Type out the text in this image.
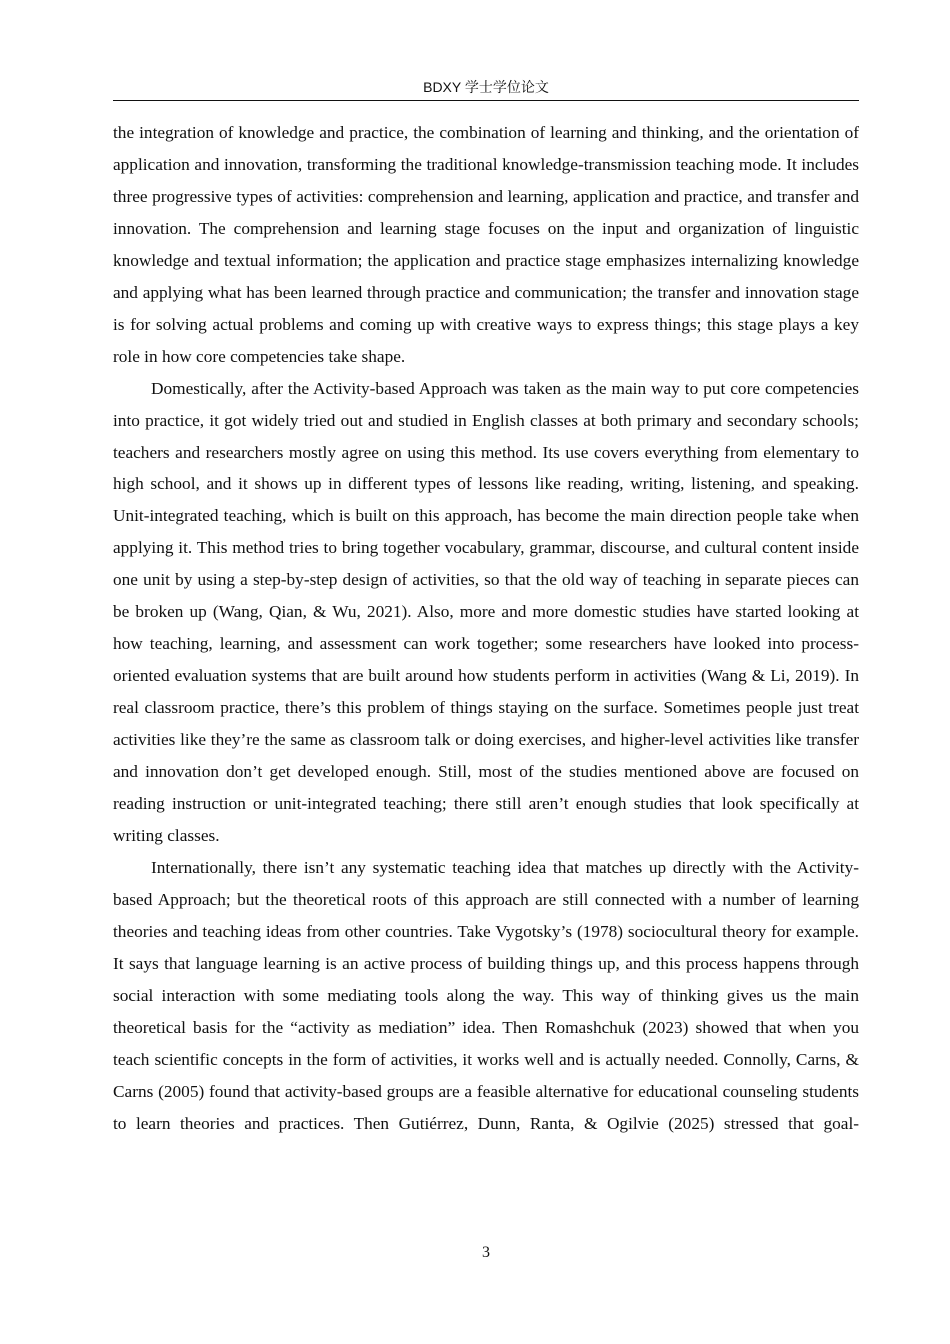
BDXY 学士学位论文

the integration of knowledge and practice, the combination of learning and thinking, and the orientation of application and innovation, transforming the traditional knowledge-transmission teaching mode. It includes three progressive types of activities: comprehension and learning, application and practice, and transfer and innovation. The comprehension and learning stage focuses on the input and organization of linguistic knowledge and textual information; the application and practice stage emphasizes internalizing knowledge and applying what has been learned through practice and communication; the transfer and innovation stage is for solving actual problems and coming up with creative ways to express things; this stage plays a key role in how core competencies take shape.

Domestically, after the Activity-based Approach was taken as the main way to put core competencies into practice, it got widely tried out and studied in English classes at both primary and secondary schools; teachers and researchers mostly agree on using this method. Its use covers everything from elementary to high school, and it shows up in different types of lessons like reading, writing, listening, and speaking. Unit-integrated teaching, which is built on this approach, has become the main direction people take when applying it. This method tries to bring together vocabulary, grammar, discourse, and cultural content inside one unit by using a step-by-step design of activities, so that the old way of teaching in separate pieces can be broken up (Wang, Qian, & Wu, 2021). Also, more and more domestic studies have started looking at how teaching, learning, and assessment can work together; some researchers have looked into process-oriented evaluation systems that are built around how students perform in activities (Wang & Li, 2019). In real classroom practice, there’s this problem of things staying on the surface. Sometimes people just treat activities like they’re the same as classroom talk or doing exercises, and higher-level activities like transfer and innovation don’t get developed enough. Still, most of the studies mentioned above are focused on reading instruction or unit-integrated teaching; there still aren’t enough studies that look specifically at writing classes.

Internationally, there isn’t any systematic teaching idea that matches up directly with the Activity-based Approach; but the theoretical roots of this approach are still connected with a number of learning theories and teaching ideas from other countries. Take Vygotsky’s (1978) sociocultural theory for example. It says that language learning is an active process of building things up, and this process happens through social interaction with some mediating tools along the way. This way of thinking gives us the main theoretical basis for the “activity as mediation” idea. Then Romashchuk (2023) showed that when you teach scientific concepts in the form of activities, it works well and is actually needed. Connolly, Carns, & Carns (2005) found that activity-based groups are a feasible alternative for educational counseling students to learn theories and practices. Then Gutiérrez, Dunn, Ranta, & Ogilvie (2025) stressed that goal-

3
